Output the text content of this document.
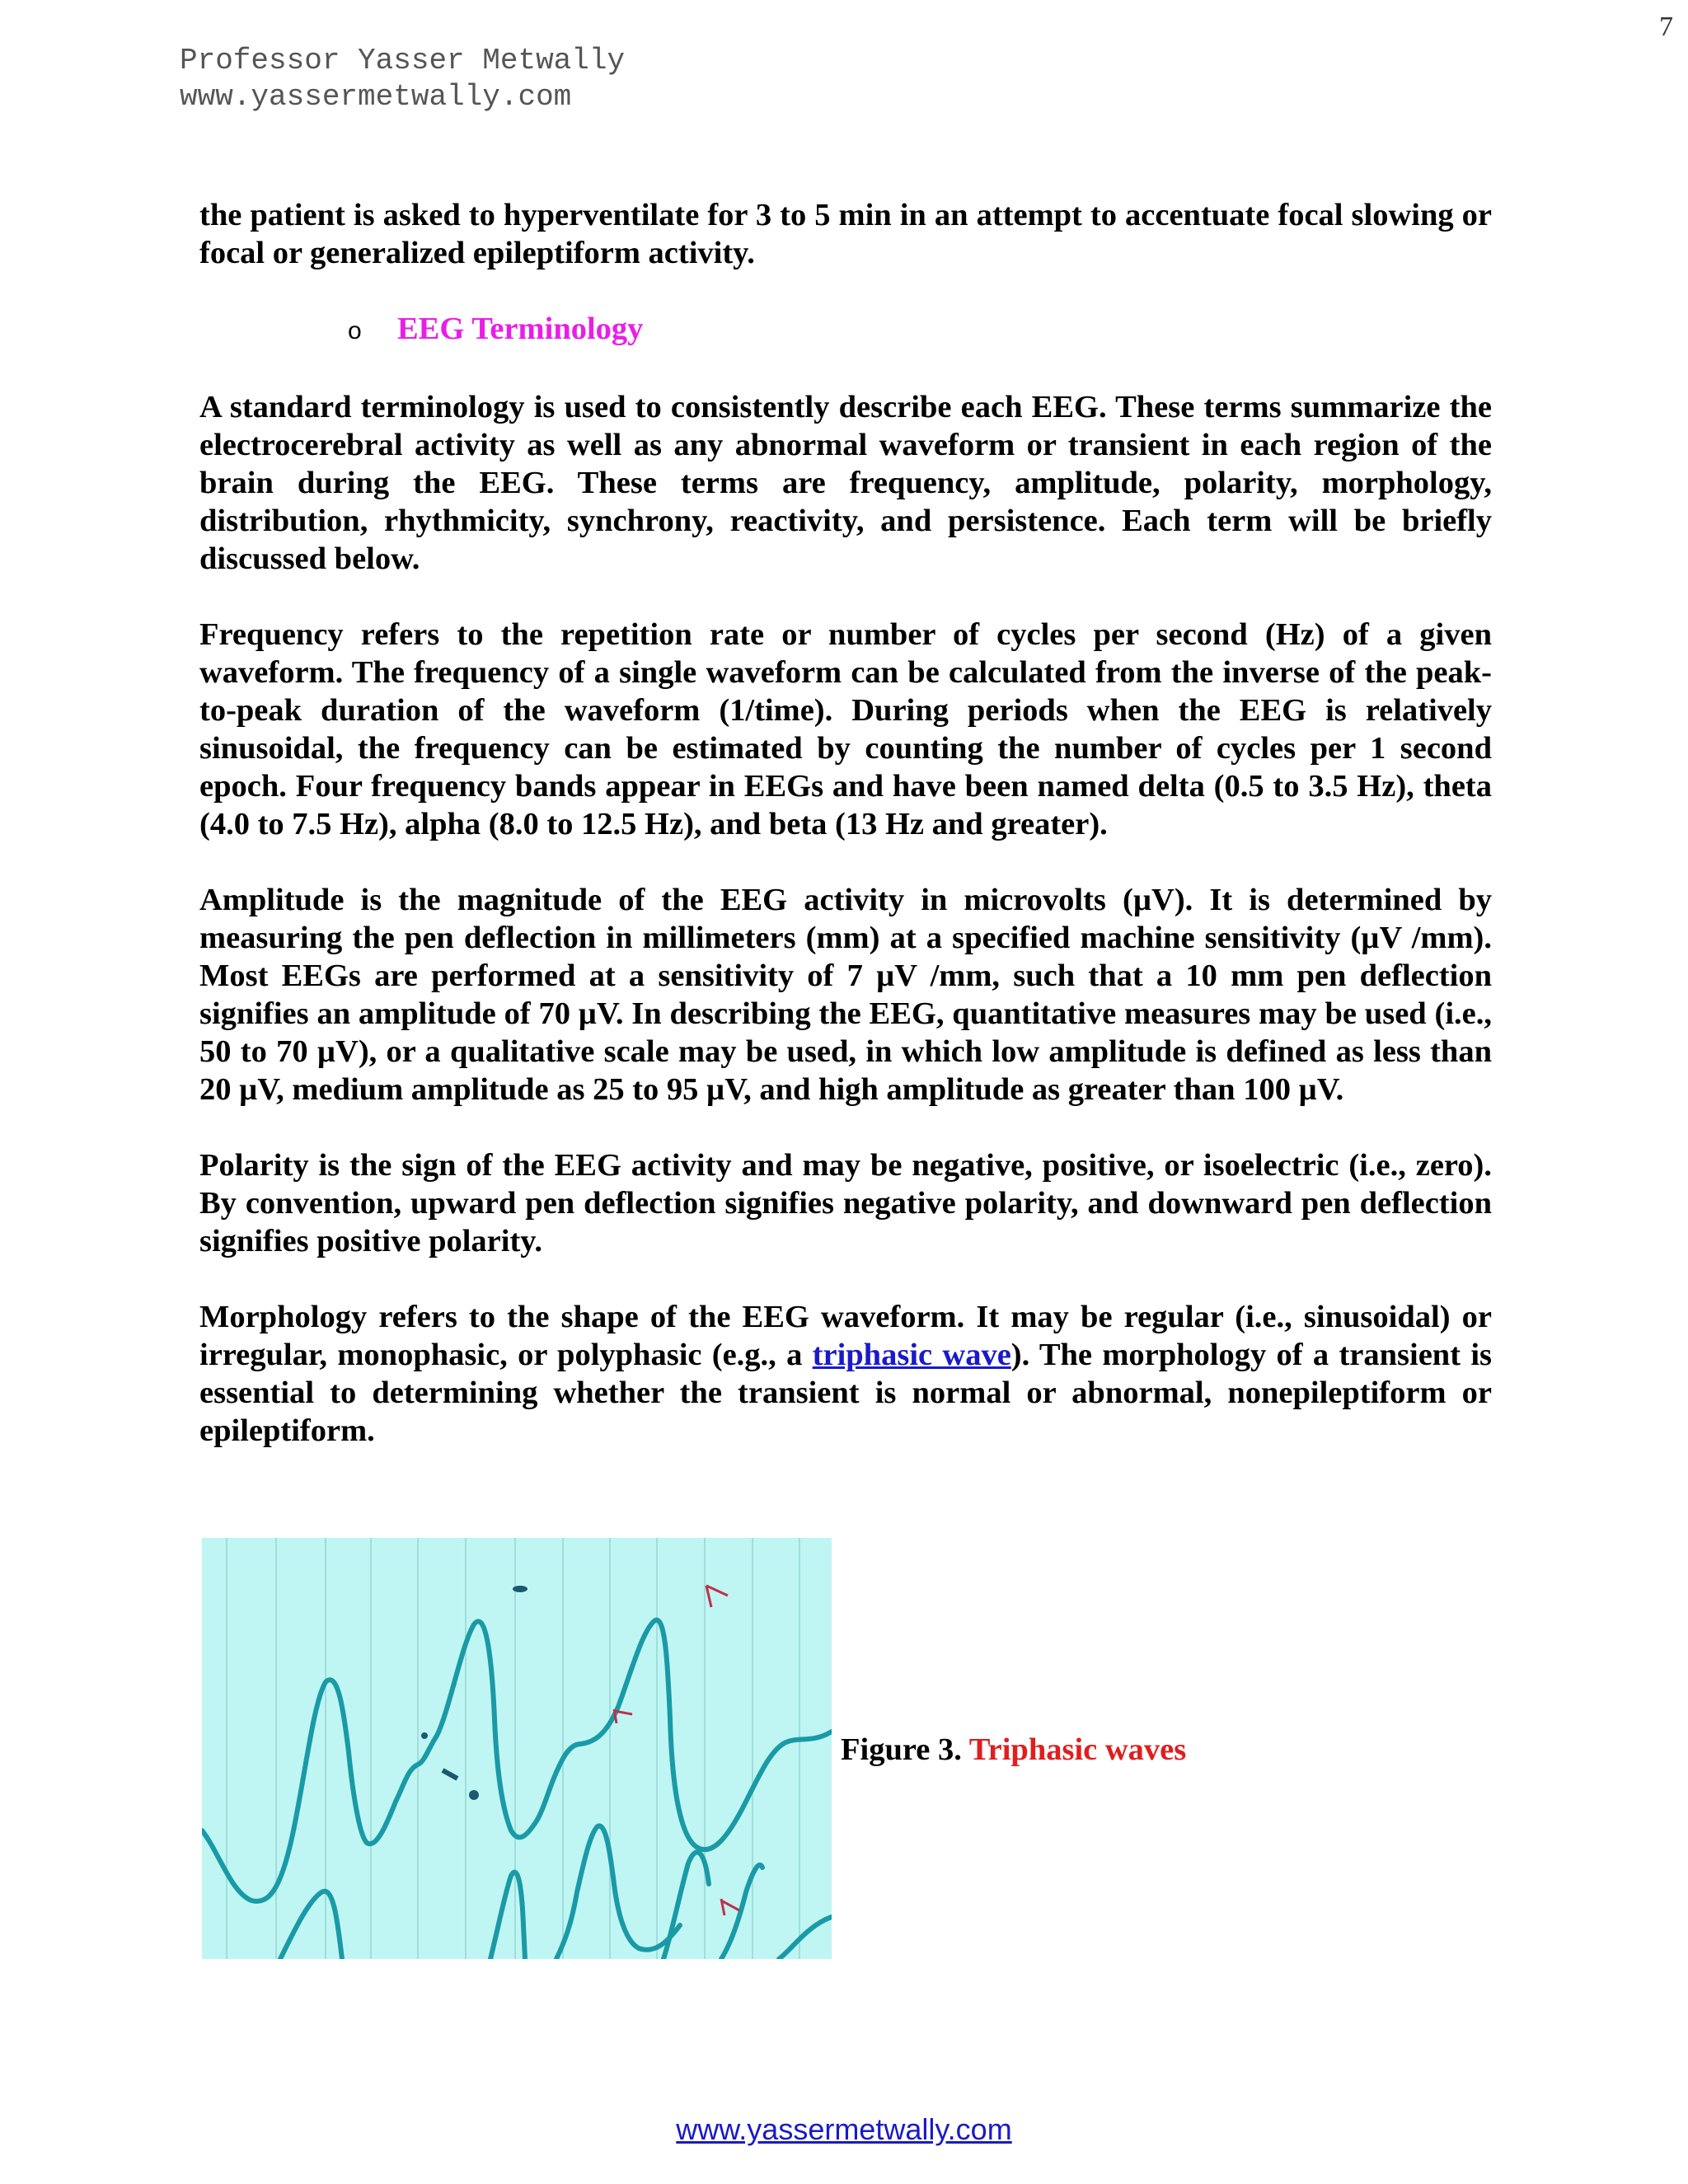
7
Professor Yasser Metwally
www.yassermetwally.com

the patient is asked to hyperventilate for 3 to 5 min in an attempt to accentuate focal slowing or focal or generalized epileptiform activity.

o EEG Terminology

A standard terminology is used to consistently describe each EEG. These terms summarize the electrocerebral activity as well as any abnormal waveform or transient in each region of the brain during the EEG. These terms are frequency, amplitude, polarity, morphology, distribution, rhythmicity, synchrony, reactivity, and persistence. Each term will be briefly discussed below.

Frequency refers to the repetition rate or number of cycles per second (Hz) of a given waveform. The frequency of a single waveform can be calculated from the inverse of the peak-to-peak duration of the waveform (1/time). During periods when the EEG is relatively sinusoidal, the frequency can be estimated by counting the number of cycles per 1 second epoch. Four frequency bands appear in EEGs and have been named delta (0.5 to 3.5 Hz), theta (4.0 to 7.5 Hz), alpha (8.0 to 12.5 Hz), and beta (13 Hz and greater).

Amplitude is the magnitude of the EEG activity in microvolts (µV). It is determined by measuring the pen deflection in millimeters (mm) at a specified machine sensitivity (µV /mm). Most EEGs are performed at a sensitivity of 7 µV /mm, such that a 10 mm pen deflection signifies an amplitude of 70 µV. In describing the EEG, quantitative measures may be used (i.e., 50 to 70 µV), or a qualitative scale may be used, in which low amplitude is defined as less than 20 µV, medium amplitude as 25 to 95 µV, and high amplitude as greater than 100 µV.

Polarity is the sign of the EEG activity and may be negative, positive, or isoelectric (i.e., zero). By convention, upward pen deflection signifies negative polarity, and downward pen deflection signifies positive polarity.

Morphology refers to the shape of the EEG waveform. It may be regular (i.e., sinusoidal) or irregular, monophasic, or polyphasic (e.g., a triphasic wave). The morphology of a transient is essential to determining whether the transient is normal or abnormal, nonepileptiform or epileptiform.

Figure 3. Triphasic waves
www.yassermetwally.com
